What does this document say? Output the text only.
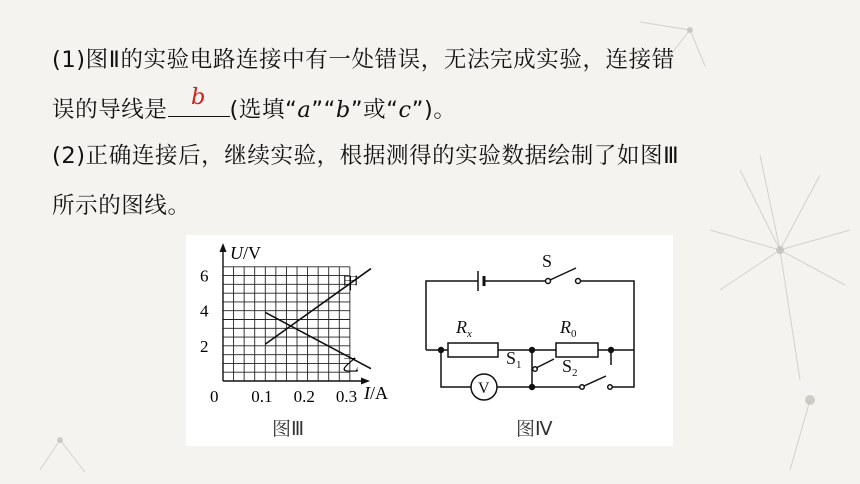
(1)图Ⅱ的实验电路连接中有一处错误，无法完成实验，连接错
误的导线是	b	(选填“a”“b”或“c”)。
(2)正确连接后，继续实验，根据测得的实验数据绘制了如图Ⅲ
所示的图线。
U/V
I/A
0
2
4
6
0.1 0.2 0.3
甲
乙
图Ⅲ
S
$R_x$	$R_0$
$S_1$ $S_2$
V
图Ⅳ
